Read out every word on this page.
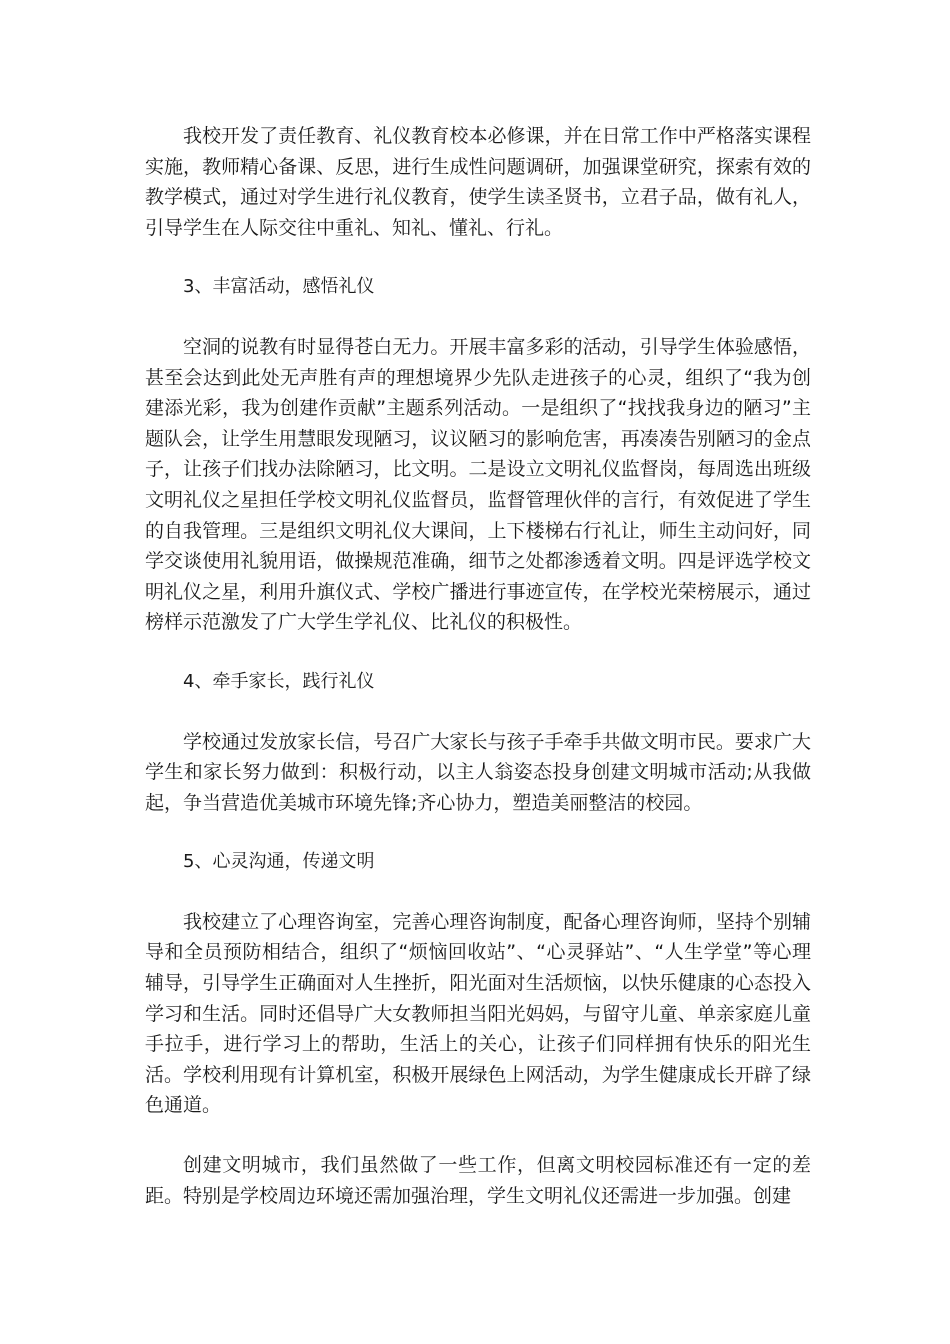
我校开发了责任教育、礼仪教育校本必修课，并在日常工作中严格落实课程实施，教师精心备课、反思，进行生成性问题调研，加强课堂研究，探索有效的教学模式，通过对学生进行礼仪教育，使学生读圣贤书，立君子品，做有礼人，引导学生在人际交往中重礼、知礼、懂礼、行礼。

3、丰富活动，感悟礼仪

空洞的说教有时显得苍白无力。开展丰富多彩的活动，引导学生体验感悟，甚至会达到此处无声胜有声的理想境界少先队走进孩子的心灵，组织了“我为创建添光彩，我为创建作贡献”主题系列活动。一是组织了“找找我身边的陋习”主题队会，让学生用慧眼发现陋习，议议陋习的影响危害，再凑凑告别陋习的金点子，让孩子们找办法除陋习，比文明。二是设立文明礼仪监督岗，每周选出班级文明礼仪之星担任学校文明礼仪监督员，监督管理伙伴的言行，有效促进了学生的自我管理。三是组织文明礼仪大课间，上下楼梯右行礼让，师生主动问好，同学交谈使用礼貌用语，做操规范准确，细节之处都渗透着文明。四是评选学校文明礼仪之星，利用升旗仪式、学校广播进行事迹宣传，在学校光荣榜展示，通过榜样示范激发了广大学生学礼仪、比礼仪的积极性。

4、牵手家长，践行礼仪

学校通过发放家长信，号召广大家长与孩子手牵手共做文明市民。要求广大学生和家长努力做到：积极行动，以主人翁姿态投身创建文明城市活动;从我做起，争当营造优美城市环境先锋;齐心协力，塑造美丽整洁的校园。

5、心灵沟通，传递文明

我校建立了心理咨询室，完善心理咨询制度，配备心理咨询师，坚持个别辅导和全员预防相结合，组织了“烦恼回收站”、“心灵驿站”、“人生学堂”等心理辅导，引导学生正确面对人生挫折，阳光面对生活烦恼，以快乐健康的心态投入学习和生活。同时还倡导广大女教师担当阳光妈妈，与留守儿童、单亲家庭儿童手拉手，进行学习上的帮助，生活上的关心，让孩子们同样拥有快乐的阳光生活。学校利用现有计算机室，积极开展绿色上网活动，为学生健康成长开辟了绿色通道。

创建文明城市，我们虽然做了一些工作，但离文明校园标准还有一定的差距。特别是学校周边环境还需加强治理，学生文明礼仪还需进一步加强。创建
